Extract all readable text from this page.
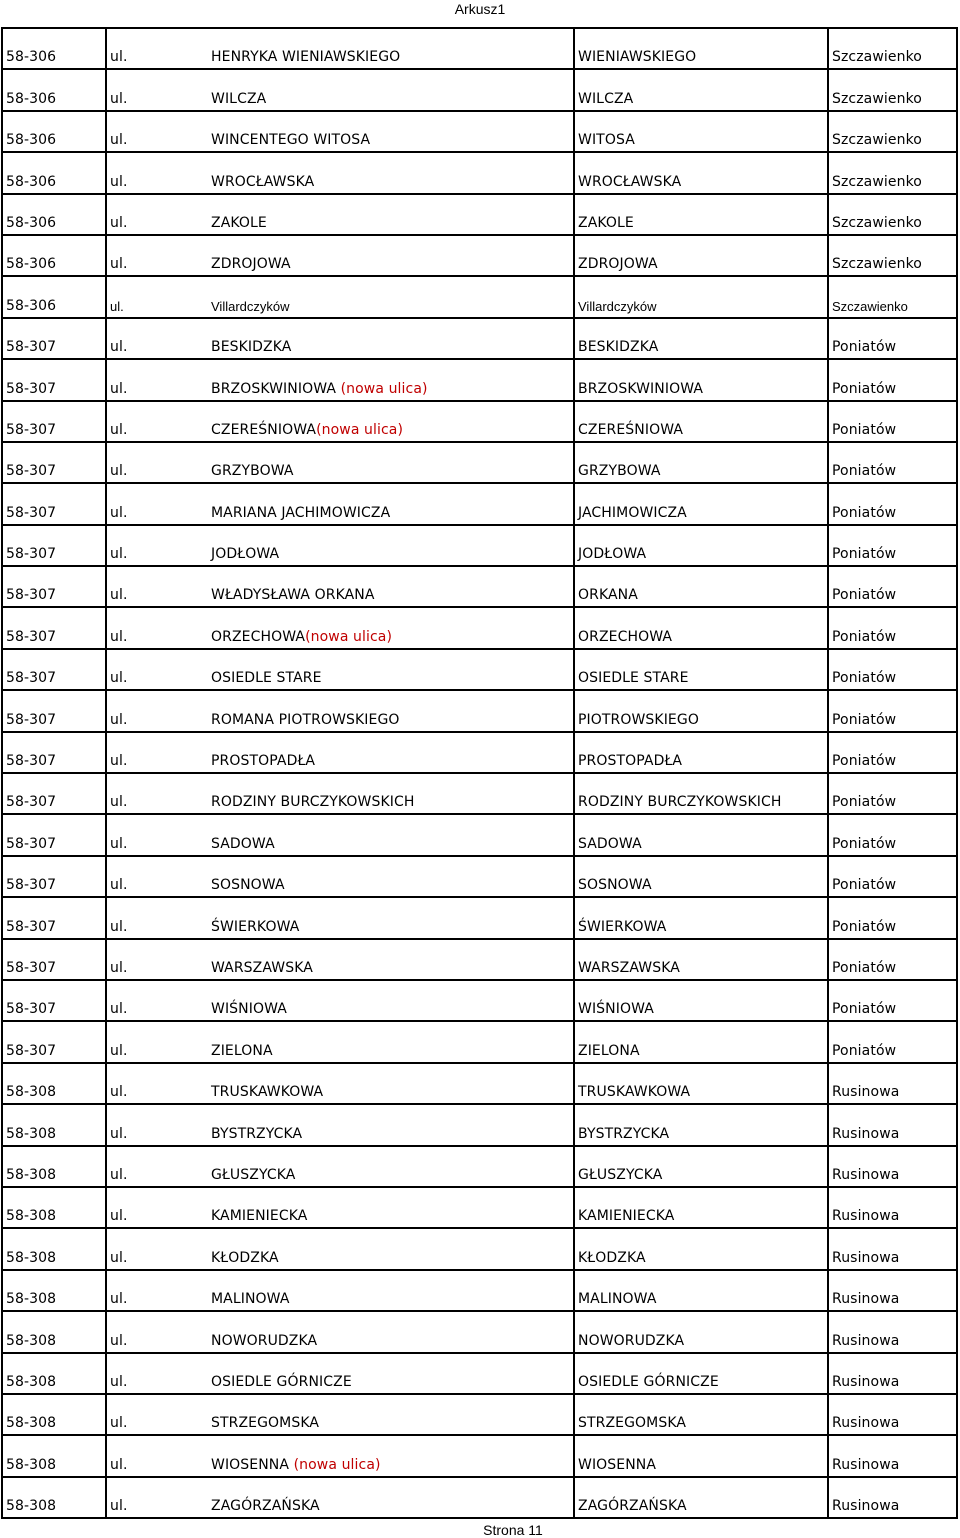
Arkusz1
58-306	ul.	HENRYKA WIENIAWSKIEGO	WIENIAWSKIEGO	Szczawienko
58-306	ul.	WILCZA	WILCZA	Szczawienko
58-306	ul.	WINCENTEGO WITOSA	WITOSA	Szczawienko
58-306	ul.	WROCŁAWSKA	WROCŁAWSKA	Szczawienko
58-306	ul.	ZAKOLE	ZAKOLE	Szczawienko
58-306	ul.	ZDROJOWA	ZDROJOWA	Szczawienko
58-306	ul.	Villardczyków	Villardczyków	Szczawienko
58-307	ul.	BESKIDZKA	BESKIDZKA	Poniatów
58-307	ul.	BRZOSKWINIOWA (nowa ulica)	BRZOSKWINIOWA	Poniatów
58-307	ul.	CZEREŚNIOWA(nowa ulica)	CZEREŚNIOWA	Poniatów
58-307	ul.	GRZYBOWA	GRZYBOWA	Poniatów
58-307	ul.	MARIANA JACHIMOWICZA	JACHIMOWICZA	Poniatów
58-307	ul.	JODŁOWA	JODŁOWA	Poniatów
58-307	ul.	WŁADYSŁAWA ORKANA	ORKANA	Poniatów
58-307	ul.	ORZECHOWA(nowa ulica)	ORZECHOWA	Poniatów
58-307	ul.	OSIEDLE STARE	OSIEDLE STARE	Poniatów
58-307	ul.	ROMANA PIOTROWSKIEGO	PIOTROWSKIEGO	Poniatów
58-307	ul.	PROSTOPADŁA	PROSTOPADŁA	Poniatów
58-307	ul.	RODZINY BURCZYKOWSKICH	RODZINY BURCZYKOWSKICH	Poniatów
58-307	ul.	SADOWA	SADOWA	Poniatów
58-307	ul.	SOSNOWA	SOSNOWA	Poniatów
58-307	ul.	ŚWIERKOWA	ŚWIERKOWA	Poniatów
58-307	ul.	WARSZAWSKA	WARSZAWSKA	Poniatów
58-307	ul.	WIŚNIOWA	WIŚNIOWA	Poniatów
58-307	ul.	ZIELONA	ZIELONA	Poniatów
58-308	ul.	TRUSKAWKOWA	TRUSKAWKOWA	Rusinowa
58-308	ul.	BYSTRZYCKA	BYSTRZYCKA	Rusinowa
58-308	ul.	GŁUSZYCKA	GŁUSZYCKA	Rusinowa
58-308	ul.	KAMIENIECKA	KAMIENIECKA	Rusinowa
58-308	ul.	KŁODZKA	KŁODZKA	Rusinowa
58-308	ul.	MALINOWA	MALINOWA	Rusinowa
58-308	ul.	NOWORUDZKA	NOWORUDZKA	Rusinowa
58-308	ul.	OSIEDLE GÓRNICZE	OSIEDLE GÓRNICZE	Rusinowa
58-308	ul.	STRZEGOMSKA	STRZEGOMSKA	Rusinowa
58-308	ul.	WIOSENNA (nowa ulica)	WIOSENNA	Rusinowa
58-308	ul.	ZAGÓRZAŃSKA	ZAGÓRZAŃSKA	Rusinowa
Strona 11
